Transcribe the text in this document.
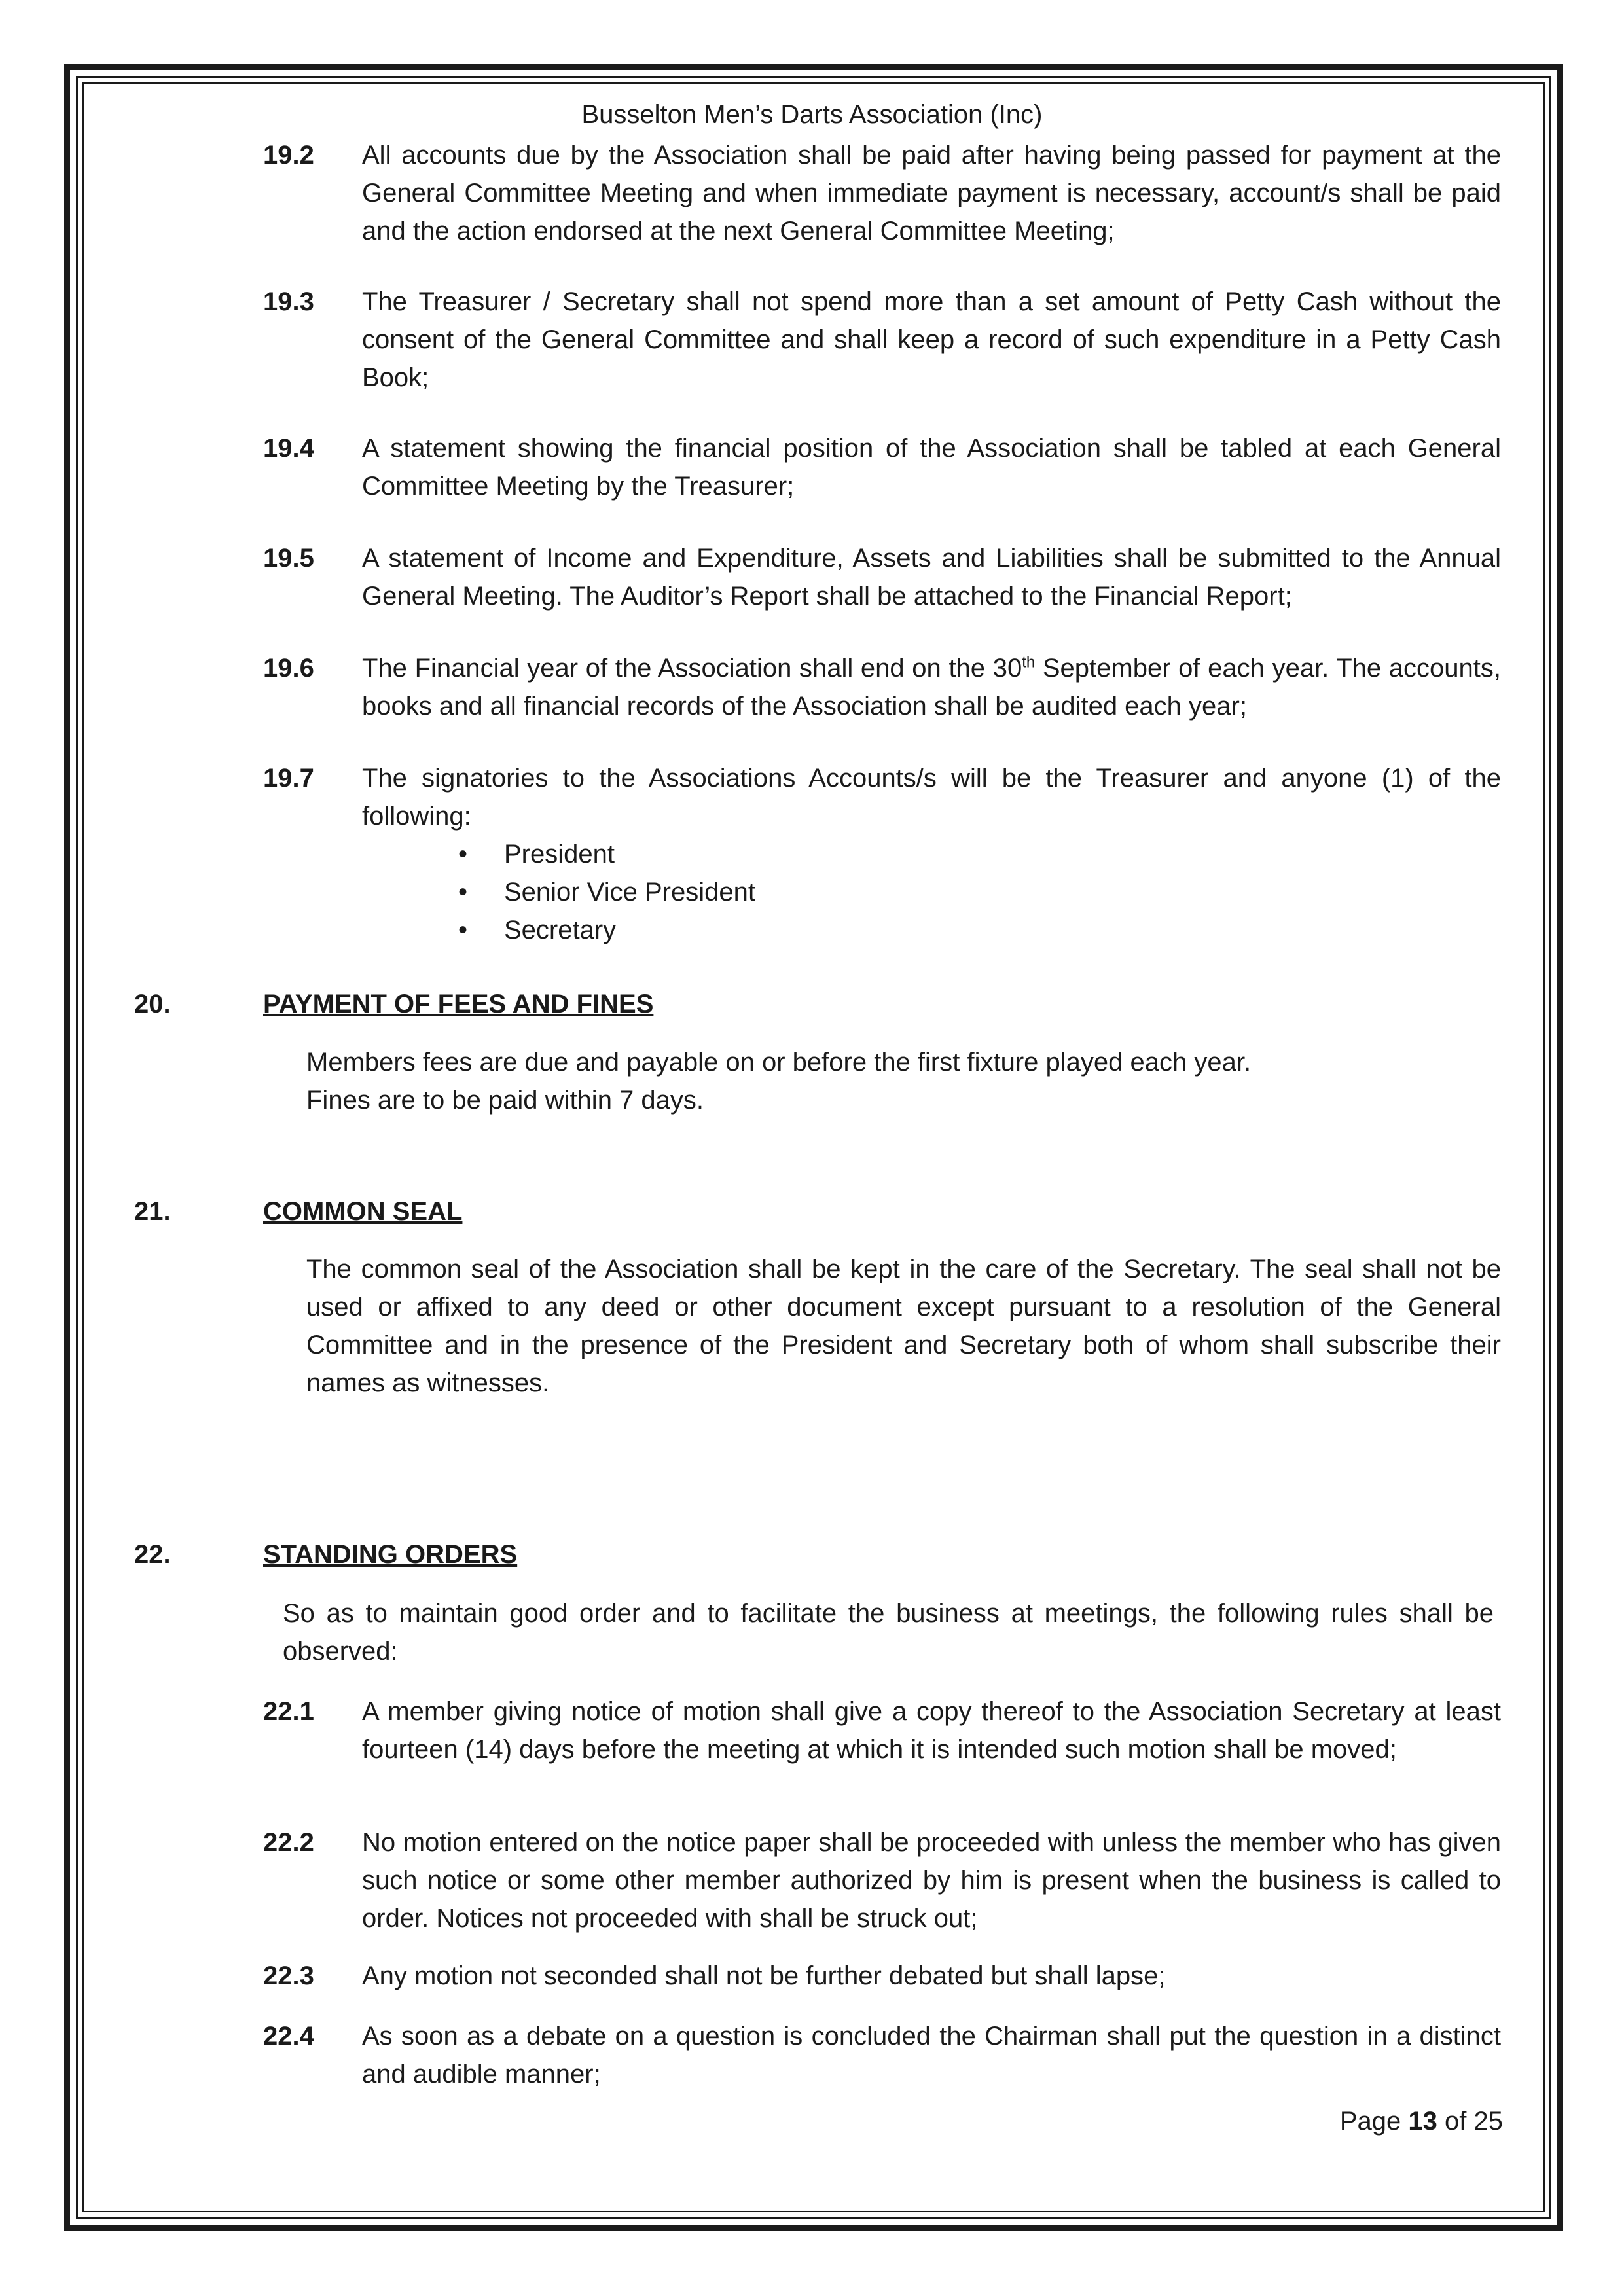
Busselton Men’s Darts Association (Inc)
19.2 All accounts due by the Association shall be paid after having being passed for payment at the General Committee Meeting and when immediate payment is necessary, account/s shall be paid and the action endorsed at the next General Committee Meeting;
19.3 The Treasurer / Secretary shall not spend more than a set amount of Petty Cash without the consent of the General Committee and shall keep a record of such expenditure in a Petty Cash Book;
19.4 A statement showing the financial position of the Association shall be tabled at each General Committee Meeting by the Treasurer;
19.5 A statement of Income and Expenditure, Assets and Liabilities shall be submitted to the Annual General Meeting. The Auditor’s Report shall be attached to the Financial Report;
19.6 The Financial year of the Association shall end on the 30th September of each year. The accounts, books and all financial records of the Association shall be audited each year;
19.7 The signatories to the Associations Accounts/s will be the Treasurer and anyone (1) of the following:
• President
• Senior Vice President
• Secretary
20.	PAYMENT OF FEES AND FINES
Members fees are due and payable on or before the first fixture played each year.
Fines are to be paid within 7 days.
21.	COMMON SEAL
The common seal of the Association shall be kept in the care of the Secretary. The seal shall not be used or affixed to any deed or other document except pursuant to a resolution of the General Committee and in the presence of the President and Secretary both of whom shall subscribe their names as witnesses.
22.	STANDING ORDERS
So as to maintain good order and to facilitate the business at meetings, the following rules shall be observed:
22.1 A member giving notice of motion shall give a copy thereof to the Association Secretary at least fourteen (14) days before the meeting at which it is intended such motion shall be moved;
22.2 No motion entered on the notice paper shall be proceeded with unless the member who has given such notice or some other member authorized by him is present when the business is called to order. Notices not proceeded with shall be struck out;
22.3 Any motion not seconded shall not be further debated but shall lapse;
22.4 As soon as a debate on a question is concluded the Chairman shall put the question in a distinct and audible manner;
Page 13 of 25
